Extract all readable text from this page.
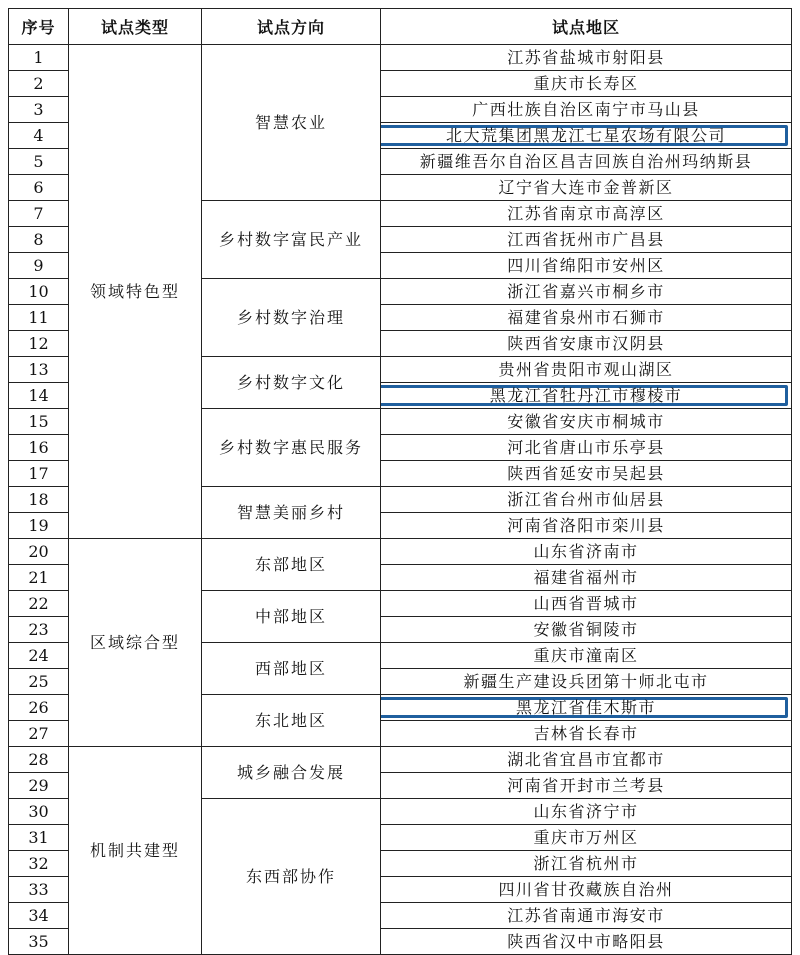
序号	试点类型	试点方向	试点地区
1	领域特色型	智慧农业	江苏省盐城市射阳县
2			重庆市长寿区
3			广西壮族自治区南宁市马山县
4			北大荒集团黑龙江七星农场有限公司
5			新疆维吾尔自治区昌吉回族自治州玛纳斯县
6			辽宁省大连市金普新区
7		乡村数字富民产业	江苏省南京市高淳区
8			江西省抚州市广昌县
9			四川省绵阳市安州区
10		乡村数字治理	浙江省嘉兴市桐乡市
11			福建省泉州市石狮市
12			陕西省安康市汉阴县
13		乡村数字文化	贵州省贵阳市观山湖区
14			黑龙江省牡丹江市穆棱市
15		乡村数字惠民服务	安徽省安庆市桐城市
16			河北省唐山市乐亭县
17			陕西省延安市吴起县
18		智慧美丽乡村	浙江省台州市仙居县
19			河南省洛阳市栾川县
20	区域综合型	东部地区	山东省济南市
21			福建省福州市
22		中部地区	山西省晋城市
23			安徽省铜陵市
24		西部地区	重庆市潼南区
25			新疆生产建设兵团第十师北屯市
26		东北地区	黑龙江省佳木斯市
27			吉林省长春市
28	机制共建型	城乡融合发展	湖北省宜昌市宜都市
29			河南省开封市兰考县
30		东西部协作	山东省济宁市
31			重庆市万州区
32			浙江省杭州市
33			四川省甘孜藏族自治州
34			江苏省南通市海安市
35			陕西省汉中市略阳县
